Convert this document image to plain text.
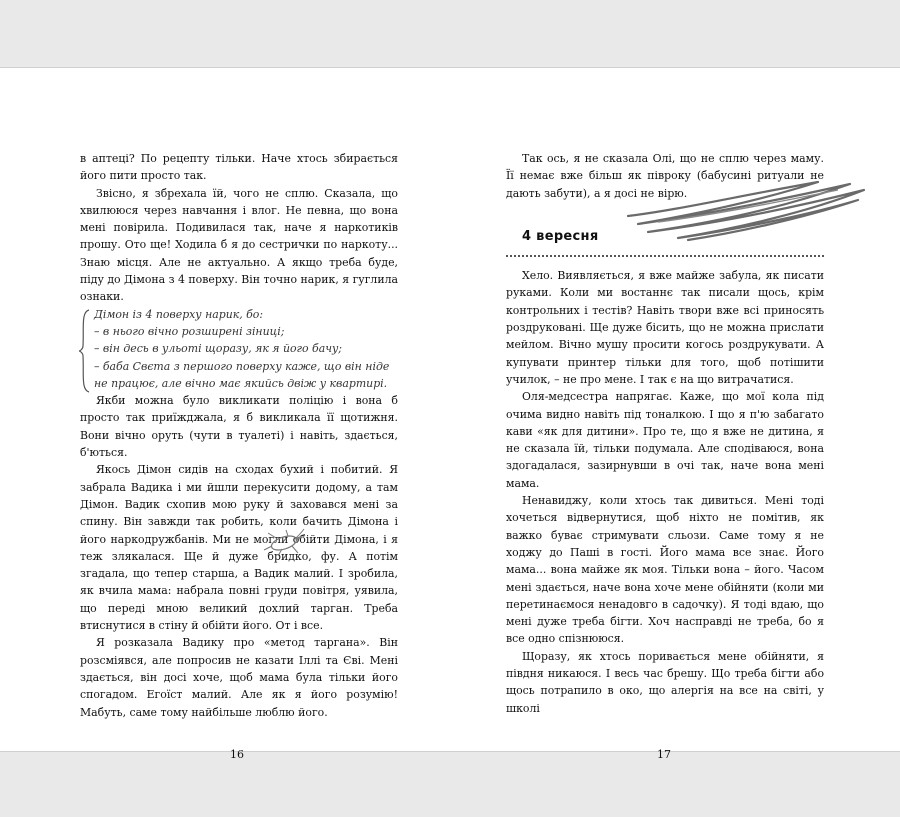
в аптеці? По рецепту тільки. Наче хтось збирається його пити просто так.

Звісно, я збрехала їй, чого не сплю. Сказала, що хвилююся через навчання і влог. Не певна, що вона мені повірила. Подивилася так, наче я наркотиків прошу. Ото ще! Ходила б я до сестрички по наркоту... Знаю місця. Але не актуально. А якщо треба буде, піду до Дімона з 4 поверху. Він точно нарик, я гуглила ознаки.

Дімон із 4 поверху нарик, бо:

– в нього вічно розширені зіниці;

– він десь в ульоті щоразу, як я його бачу;

– баба Свєта з першого поверху каже, що він ніде не працює, але вічно має якийсь двіж у квартирі.

Якби можна було викликати поліцію і вона б просто так приїжджала, я б викликала її щотижня. Вони вічно оруть (чути в туалеті) і навіть, здається, б'ються.

Якось Дімон сидів на сходах бухий і побитий. Я забрала Вадика і ми йшли перекусити додому, а там Дімон. Вадик схопив мою руку й заховався мені за спину. Він завжди так робить, коли бачить Дімона і його наркодружбанів. Ми не могли обійти Дімона, і я теж злякалася. Ще й дуже бридко, фу. А потім згадала, що тепер старша, а Вадик малий. І зробила, як вчила мама: набрала повні груди повітря, уявила, що переді мною великий дохлий тарган. Треба втиснутися в стіну й обійти його. От і все.

Я розказала Вадику про «метод таргана». Він розсміявся, але попросив не казати Іллі та Єві. Мені здається, він досі хоче, щоб мама була тільки його спогадом. Егоїст малий. Але як я його розумію! Мабуть, саме тому найбільше люблю його.

Так ось, я не сказала Олі, що не сплю через маму. Її немає вже більш як півроку (бабусині ритуали не дають забути), а я досі не вірю.

4 вересня

Хело. Виявляється, я вже майже забула, як писати руками. Коли ми востаннє так писали щось, крім контрольних і тестів? Навіть твори вже всі приносять роздруковані. Ще дуже бісить, що не можна прислати мейлом. Вічно мушу просити когось роздрукувати. А купувати принтер тільки для того, щоб потішити училок, – не про мене. І так є на що витрачатися.

Оля-медсестра напрягає. Каже, що мої кола під очима видно навіть під тоналкою. І що я п'ю забагато кави «як для дитини». Про те, що я вже не дитина, я не сказала їй, тільки подумала. Але сподіваюся, вона здогадалася, зазирнувши в очі так, наче вона мені мама.

Ненавиджу, коли хтось так дивиться. Мені тоді хочеться відвернутися, щоб ніхто не помітив, як важко буває стримувати сльози. Саме тому я не ходжу до Паші в гості. Його мама все знає. Його мама... вона майже як моя. Тільки вона – його. Часом мені здається, наче вона хоче мене обійняти (коли ми перетинаємося ненадовго в садочку). Я тоді вдаю, що мені дуже треба бігти. Хоч насправді не треба, бо я все одно спізнююся.

Щоразу, як хтось поривається мене обійняти, я півдня никаюся. І весь час брешу. Що треба бігти або щось потрапило в око, що алергія на все на світі, у школі

16	17
